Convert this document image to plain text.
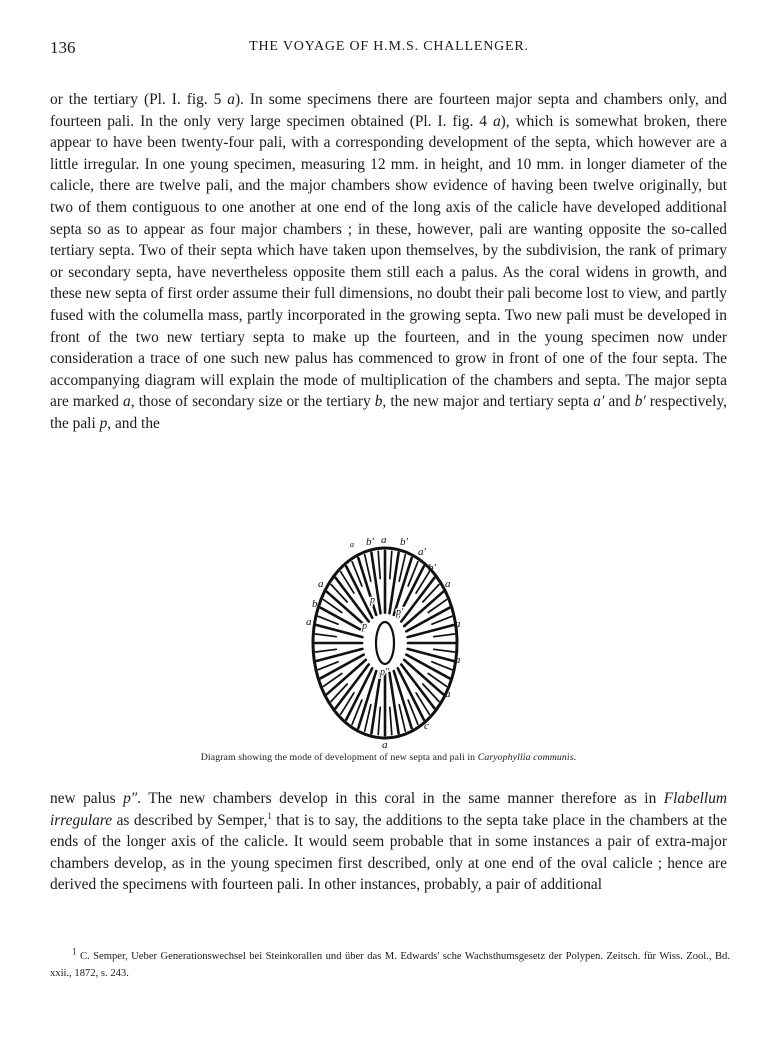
136	THE VOYAGE OF H.M.S. CHALLENGER.

or the tertiary (Pl. I. fig. 5 a). In some specimens there are fourteen major septa and chambers only, and fourteen pali. In the only very large specimen obtained (Pl. I. fig. 4 a), which is somewhat broken, there appear to have been twenty-four pali, with a corresponding development of the septa, which however are a little irregular. In one young specimen, measuring 12 mm. in height, and 10 mm. in longer diameter of the calicle, there are twelve pali, and the major chambers show evidence of having been twelve originally, but two of them contiguous to one another at one end of the long axis of the calicle have developed additional septa so as to appear as four major chambers ; in these, however, pali are wanting opposite the so-called tertiary septa. Two of their septa which have taken upon themselves, by the subdivision, the rank of primary or secondary septa, have nevertheless opposite them still each a palus. As the coral widens in growth, and these new septa of first order assume their full dimensions, no doubt their pali become lost to view, and partly fused with the columella mass, partly incorporated in the growing septa. Two new pali must be developed in front of the two new tertiary septa to make up the fourteen, and in the young specimen now under consideration a trace of one such new palus has commenced to grow in front of one of the four septa. The accompanying diagram will explain the mode of multiplication of the chambers and septa. The major septa are marked a, those of secondary size or the tertiary b, the new major and tertiary septa a′ and b′ respectively, the pali p, and the

b′ a b′
a′
b′
a
a
a
a
c
a
a
b
a
a
p
p′
p
p″
Diagram showing the mode of development of new septa and pali in Caryophyllia communis.

new palus p″. The new chambers develop in this coral in the same manner therefore as in Flabellum irregulare as described by Semper,$^1$ that is to say, the additions to the septa take place in the chambers at the ends of the longer axis of the calicle. It would seem probable that in some instances a pair of extra-major chambers develop, as in the young specimen first described, only at one end of the oval calicle ; hence are derived the specimens with fourteen pali. In other instances, probably, a pair of additional

$^1$ C. Semper, Ueber Generationswechsel bei Steinkorallen und über das M. Edwards' sche Wachsthumsgesetz der Polypen. Zeitsch. für Wiss. Zool., Bd. xxii., 1872, s. 243.
